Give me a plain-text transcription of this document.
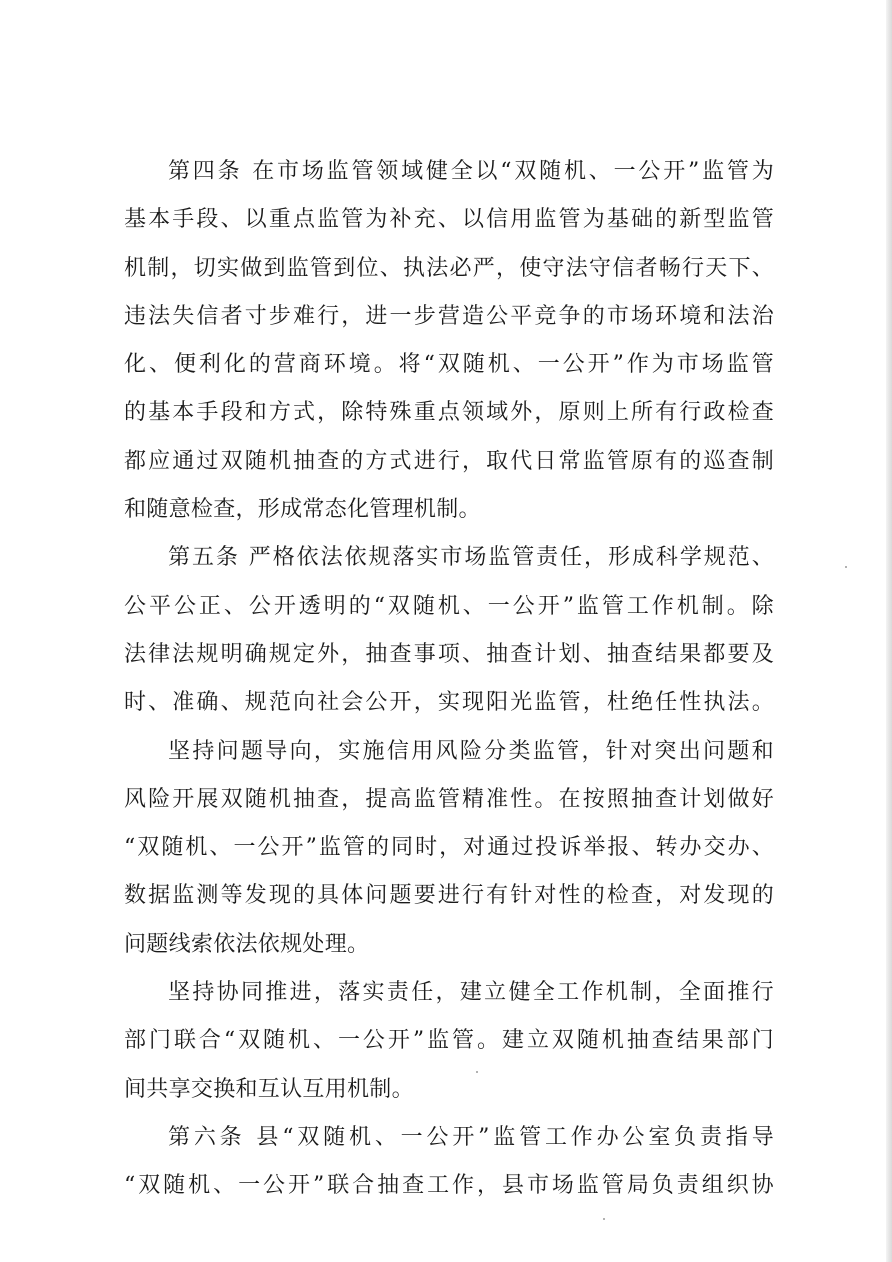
第四条 在市场监管领域健全以“双随机、一公开”监管为
基本手段、以重点监管为补充、以信用监管为基础的新型监管
机制，切实做到监管到位、执法必严，使守法守信者畅行天下、
违法失信者寸步难行，进一步营造公平竞争的市场环境和法治
化、便利化的营商环境。将“双随机、一公开”作为市场监管
的基本手段和方式，除特殊重点领域外，原则上所有行政检查
都应通过双随机抽查的方式进行，取代日常监管原有的巡查制
和随意检查，形成常态化管理机制。
第五条 严格依法依规落实市场监管责任，形成科学规范、
公平公正、公开透明的“双随机、一公开”监管工作机制。除
法律法规明确规定外，抽查事项、抽查计划、抽查结果都要及
时、准确、规范向社会公开，实现阳光监管，杜绝任性执法。
坚持问题导向，实施信用风险分类监管，针对突出问题和
风险开展双随机抽查，提高监管精准性。在按照抽查计划做好
“双随机、一公开”监管的同时，对通过投诉举报、转办交办、
数据监测等发现的具体问题要进行有针对性的检查，对发现的
问题线索依法依规处理。
坚持协同推进，落实责任，建立健全工作机制，全面推行
部门联合“双随机、一公开”监管。建立双随机抽查结果部门
间共享交换和互认互用机制。
第六条 县“双随机、一公开”监管工作办公室负责指导
“双随机、一公开”联合抽查工作，县市场监管局负责组织协
